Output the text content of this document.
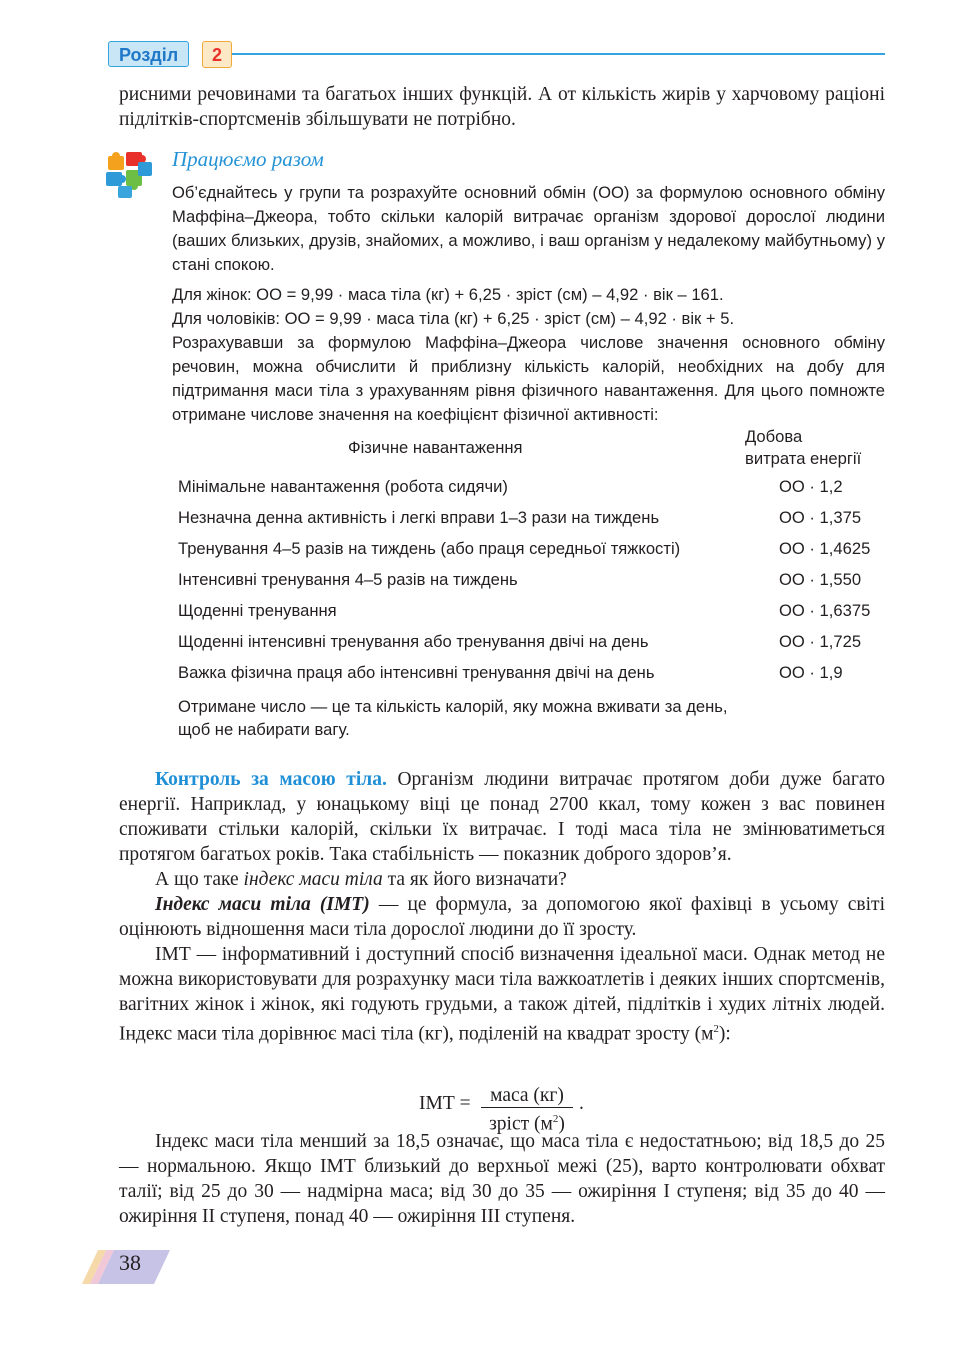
Розділ	2

рисними речовинами та багатьох інших функцій. А от кількість жирів у харчовому раціоні підлітків-спортсменів збільшувати не потрібно.

Працюємо разом

Об’єднайтесь у групи та розрахуйте основний обмін (ОО) за формулою основного обміну Маффіна–Джеора, тобто скільки калорій витрачає організм здорової дорослої людини (ваших близьких, друзів, знайомих, а можливо, і ваш організм у недалекому майбутньому) у стані спокою.

Для жінок: ОО = 9,99 · маса тіла (кг) + 6,25 · зріст (см) – 4,92 · вік – 161.

Для чоловіків: ОО = 9,99 · маса тіла (кг) + 6,25 · зріст (см) – 4,92 · вік + 5.

Розрахувавши за формулою Маффіна–Джеора числове значення основного обміну речовин, можна обчислити й приблизну кількість калорій, необхідних на добу для підтримання маси тіла з урахуванням рівня фізичного навантаження. Для цього помножте отримане числове значення на коефіцієнт фізичної активності:

Фізичне навантаження
Добова
витрата енергії
Мінімальне навантаження (робота сидячи)	ОО · 1,2
Незначна денна активність і легкі вправи 1–3 рази на тиждень	ОО · 1,375
Тренування 4–5 разів на тиждень (або праця середньої тяжкості)	ОО · 1,4625
Інтенсивні тренування 4–5 разів на тиждень	ОО · 1,550
Щоденні тренування	ОО · 1,6375
Щоденні інтенсивні тренування або тренування двічі на день	ОО · 1,725
Важка фізична праця або інтенсивні тренування двічі на день	ОО · 1,9
Отримане число — це та кількість калорій, яку можна вживати за день, щоб не набирати вагу.

Контроль за масою тіла. Організм людини витрачає протягом доби дуже багато енергії. Наприклад, у юнацькому віці це понад 2700 ккал, тому кожен з вас повинен споживати стільки калорій, скільки їх витрачає. І тоді маса тіла не змінюватиметься протягом багатьох років. Така стабільність — показник доброго здоров’я.

А що таке індекс маси тіла та як його визначати?

Індекс маси тіла (ІМТ) — це формула, за допомогою якої фахівці в усьому світі оцінюють відношення маси тіла дорослої людини до її зросту.

ІМТ — інформативний і доступний спосіб визначення ідеальної маси. Однак метод не можна використовувати для розрахунку маси тіла важкоатлетів і деяких інших спортсменів, вагітних жінок і жінок, які годують грудьми, а також дітей, підлітків і худих літніх людей. Індекс маси тіла дорівнює масі тіла (кг), поділеній на квадрат зросту $(м^2)$:

ІМТ =	маса (кг)
зріст $(м^2)$
.

Індекс маси тіла менший за 18,5 означає, що маса тіла є недостатньою; від 18,5 до 25 — нормальною. Якщо ІМТ близький до верхньої межі (25), варто контролювати обхват талії; від 25 до 30 — надмірна маса; від 30 до 35 — ожиріння І ступеня; від 35 до 40 — ожиріння ІІ ступеня, понад 40 — ожиріння ІІІ ступеня.

38
